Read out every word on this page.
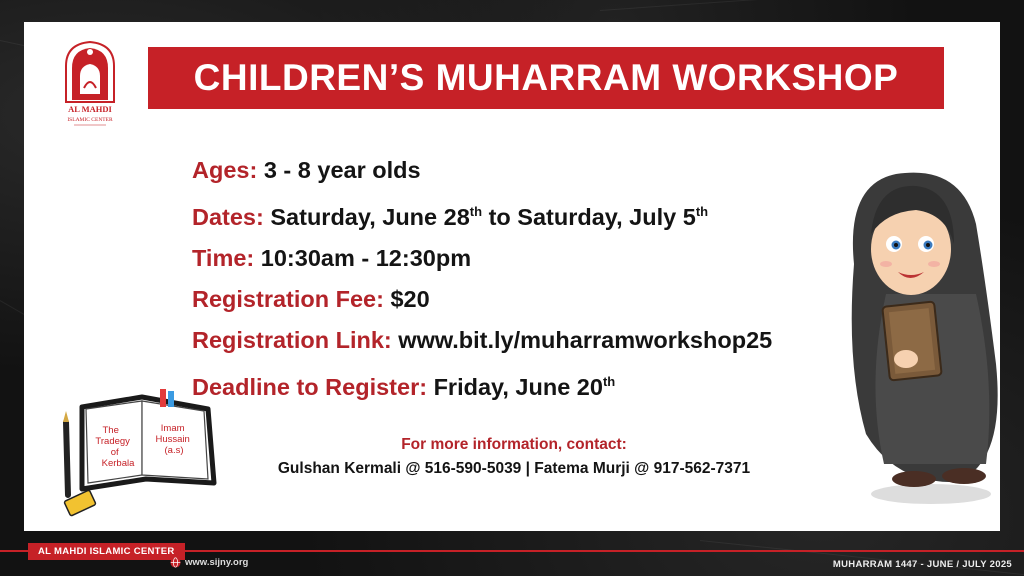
AL MAHDI
ISLAMIC CENTER
CHILDREN’S MUHARRAM WORKSHOP
Ages: 3 - 8 year olds
Dates: Saturday, June 28th to Saturday, July 5th
Time: 10:30am - 12:30pm
Registration Fee: $20
Registration Link: www.bit.ly/muharramworkshop25
Deadline to Register: Friday, June 20th
The Tradegy of Kerbala
Imam Hussain (a.s)	For more information, contact:
Gulshan Kermali @ 516-590-5039 | Fatema Murji @ 917-562-7371
AL MAHDI ISLAMIC CENTER
www.sijny.org	MUHARRAM 1447 - JUNE / JULY 2025
